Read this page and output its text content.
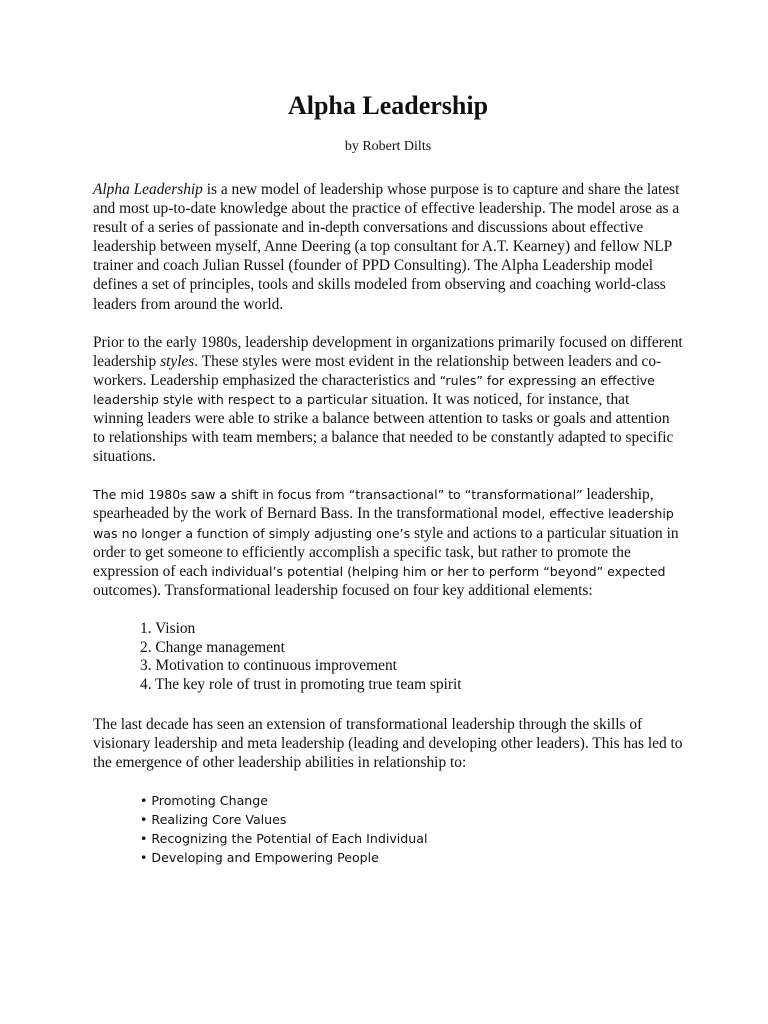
Alpha Leadership
by Robert Dilts

Alpha Leadership is a new model of leadership whose purpose is to capture and share the latest and most up-to-date knowledge about the practice of effective leadership. The model arose as a result of a series of passionate and in-depth conversations and discussions about effective leadership between myself, Anne Deering (a top consultant for A.T. Kearney) and fellow NLP trainer and coach Julian Russel (founder of PPD Consulting). The Alpha Leadership model defines a set of principles, tools and skills modeled from observing and coaching world-class leaders from around the world.

Prior to the early 1980s, leadership development in organizations primarily focused on different leadership styles. These styles were most evident in the relationship between leaders and co-workers. Leadership emphasized the characteristics and “rules” for expressing an effective leadership style with respect to a particular situation. It was noticed, for instance, that winning leaders were able to strike a balance between attention to tasks or goals and attention to relationships with team members; a balance that needed to be constantly adapted to specific situations.

The mid 1980s saw a shift in focus from “transactional” to “transformational” leadership, spearheaded by the work of Bernard Bass. In the transformational model, effective leadership was no longer a function of simply adjusting one’s style and actions to a particular situation in order to get someone to efficiently accomplish a specific task, but rather to promote the expression of each individual’s potential (helping him or her to perform “beyond” expected outcomes). Transformational leadership focused on four key additional elements:

1. Vision
2. Change management
3. Motivation to continuous improvement
4. The key role of trust in promoting true team spirit

The last decade has seen an extension of transformational leadership through the skills of visionary leadership and meta leadership (leading and developing other leaders). This has led to the emergence of other leadership abilities in relationship to:

• Promoting Change
• Realizing Core Values
• Recognizing the Potential of Each Individual
• Developing and Empowering People
